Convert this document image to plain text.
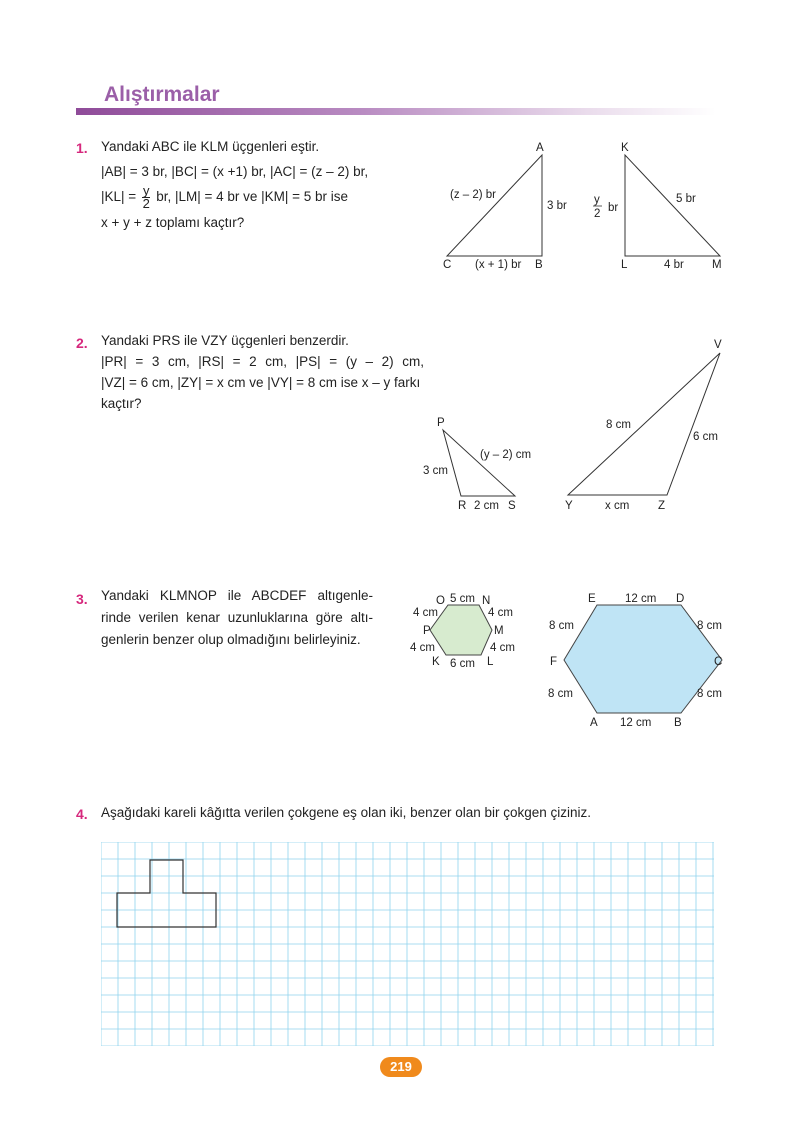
Alıştırmalar
1. Yandaki ABC ile KLM üçgenleri eştir.
|AB| = 3 br, |BC| = (x +1) br, |AC| = (z – 2) br,
$|KL| = \frac{y}{2}$ br, |LM| = 4 br ve |KM| = 5 br ise
x + y + z toplamı kaçtır?
2. Yandaki PRS ile VZY üçgenleri benzerdir.
|PR| = 3 cm, |RS| = 2 cm, |PS| = (y – 2) cm,
|VZ| = 6 cm, |ZY| = x cm ve |VY| = 8 cm ise x – y farkı
kaçtır?
3. Yandaki KLMNOP ile ABCDEF altıgenle-
rinde verilen kenar uzunluklarına göre altı-
genlerin benzer olup olmadığını belirleyiniz.
4. Aşağıdaki kareli kâğıtta verilen çokgene eş olan iki, benzer olan bir çokgen çiziniz.
A
B
C
(z – 2) br
3 br
(x + 1) br
K
L	M
y
2 br
5 br
4 br
P
R	S
3 cm
2 cm
(y – 2) cm
V
Z
Y
8 cm
6 cm
x cm
O 5 cm N
4 cm
M
4 cm
L
6 cm
K
4 cm
P
4 cm
E	12 cm D
8 cm
C
8 cm
B
12 cm
A
8 cm
F
8 cm
219
